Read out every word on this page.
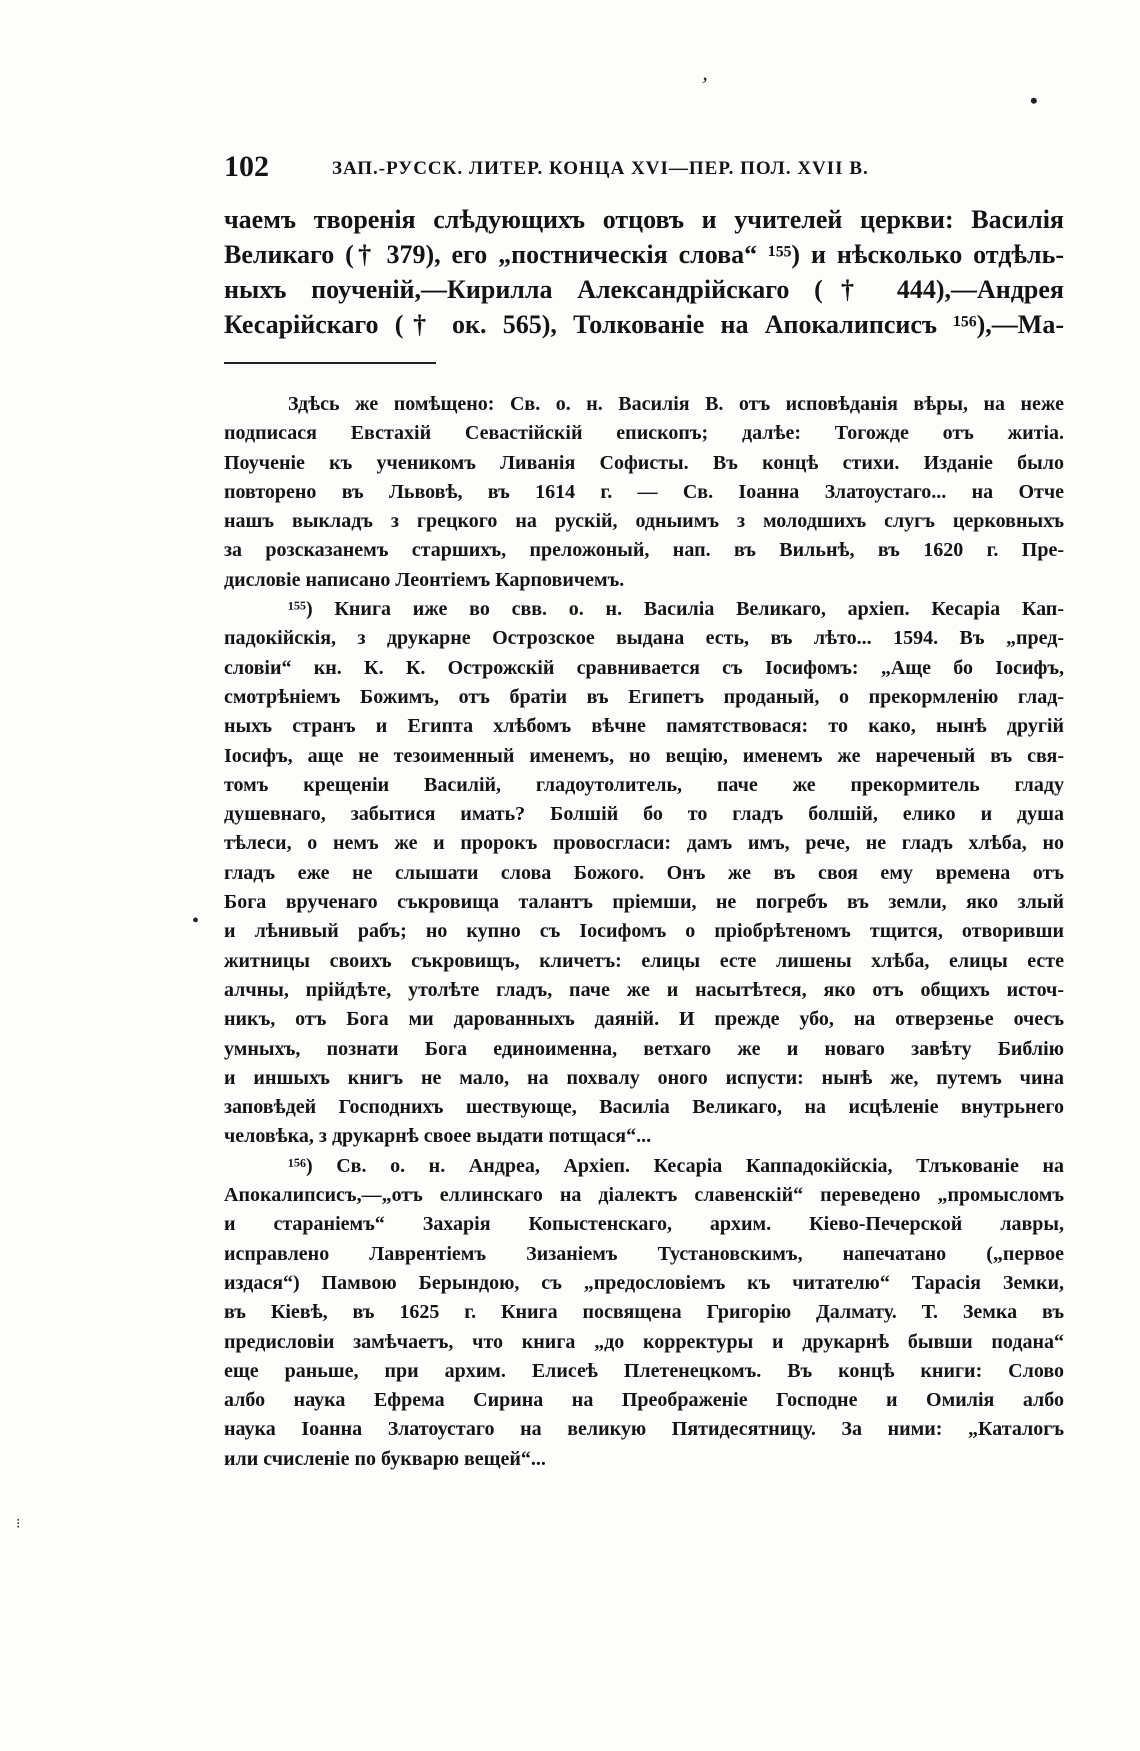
ʼ
•
•
⁝
102	ЗАП.-РУССК. ЛИТЕР. КОНЦА XVI—ПЕР. ПОЛ. XVII В.
чаемъ творенія слѣдующихъ отцовъ и учителей церкви: Василія
Великаго († 379), его „постническія слова“ ¹⁵⁵) и нѣсколько отдѣль-
ныхъ поученій,—Кирилла Александрійскаго († 444),—Андрея
Кесарійскаго († ок. 565), Толкованіе на Апокалипсисъ ¹⁵⁶),—Ма-

Здѣсь же помѣщено: Св. о. н. Василія В. отъ исповѣданія вѣры, на неже
подписася Евстахій Севастійскій епископъ; далѣе: Тогожде отъ житіа.
Поученіе къ ученикомъ Ливанія Софисты. Въ концѣ стихи. Изданіе было
повторено въ Львовѣ, въ 1614 г. — Св. Іоанна Златоустаго... на Отче
нашъ выкладъ з грецкого на рускій, одныимъ з молодшихъ слугъ церковныхъ
за розсказанемъ старшихъ, преложоный, нап. въ Вильнѣ, въ 1620 г. Пре-
дисловіе написано Леонтіемъ Карповичемъ.

¹⁵⁵) Книга иже во свв. о. н. Василіа Великаго, архіеп. Кесаріа Кап-
падокійскія, з друкарне Острозское выдана есть, въ лѣто... 1594. Въ „пред-
словіи“ кн. К. К. Острожскій сравнивается съ Іосифомъ: „Аще бо Іосифъ,
смотрѣніемъ Божимъ, отъ братіи въ Египетъ проданый, о прекормленію глад-
ныхъ странъ и Египта хлѣбомъ вѣчне памятствовася: то како, нынѣ другій
Іосифъ, аще не тезоименный именемъ, но вещію, именемъ же нареченый въ свя-
томъ крещеніи Василій, гладоутолитель, паче же прекормитель гладу
душевнаго, забытися имать? Болшій бо то гладъ болшій, елико и душа
тѣлеси, о немъ же и пророкъ провосглаcи: дамъ имъ, рече, не гладъ хлѣба, но
гладъ еже не слышати слова Божого. Онъ же въ своя ему времена отъ
Бога врученаго съкровища талантъ пріемши, не погребъ въ земли, яко злый
и лѣнивый рабъ; но купно съ Іосифомъ о пріобрѣтеномъ тщится, отворивши
житницы своихъ съкровищъ, кличетъ: елицы есте лишены хлѣба, елицы есте
алчны, прійдѣте, утолѣте гладъ, паче же и насытѣтеся, яко отъ общихъ источ-
никъ, отъ Бога ми дарованныхъ даяній. И прежде убо, на отверзенье очесъ
умныхъ, познати Бога единоименна, ветхаго же и новаго завѣту Библію
и иншыхъ книгъ не мало, на похвалу оного испусти: нынѣ же, путемъ чина
заповѣдей Господнихъ шествующе, Василіа Великаго, на исцѣленіе внутрьнего
человѣка, з друкарнѣ своее выдати потщася“...

¹⁵⁶) Св. о. н. Андреа, Архіеп. Кесаріа Каппадокійскіа, Тлъкованіе на
Апокалипсисъ,—„отъ еллинскаго на діалектъ славенскій“ переведено „промысломъ
и стараніемъ“ Захарія Копыстенскаго, архим. Кіево-Печерской лавры,
исправлено Лаврентіемъ Зизаніемъ Тустановскимъ, напечатано („первое
издася“) Памвою Берындою, съ „предословіемъ къ читателю“ Тарасія Земки,
въ Кіевѣ, въ 1625 г. Книга посвящена Григорію Далмату. Т. Земка въ
предисловіи замѣчаетъ, что книга „до корректуры и друкарнѣ бывши подана“
еще раньше, при архим. Елисеѣ Плетенецкомъ. Въ концѣ книги: Слово
албо наука Ефрема Сирина на Преображеніе Господне и Омилія албо
наука Іоанна Златоустаго на великую Пятидесятницу. За ними: „Каталогъ
или счисленіе по букварю вещей“...
